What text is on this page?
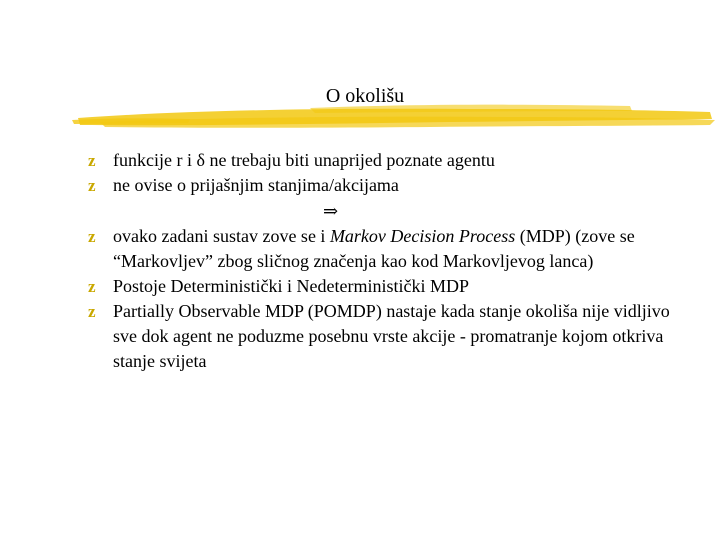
O okolišu
z funkcije r i δ ne trebaju biti unaprijed poznate agentu
z ne ovise o prijašnjim stanjima/akcijama
⇒
z ovako zadani sustav zove se i Markov Decision Process (MDP) (zove se “Markovljev” zbog sličnog značenja kao kod Markovljevog lanca)
z Postoje Deterministički i Nedeterministički MDP
z Partially Observable MDP (POMDP) nastaje kada stanje okoliša nije vidljivo sve dok agent ne poduzme posebnu vrste akcije - promatranje kojom otkriva stanje svijeta
